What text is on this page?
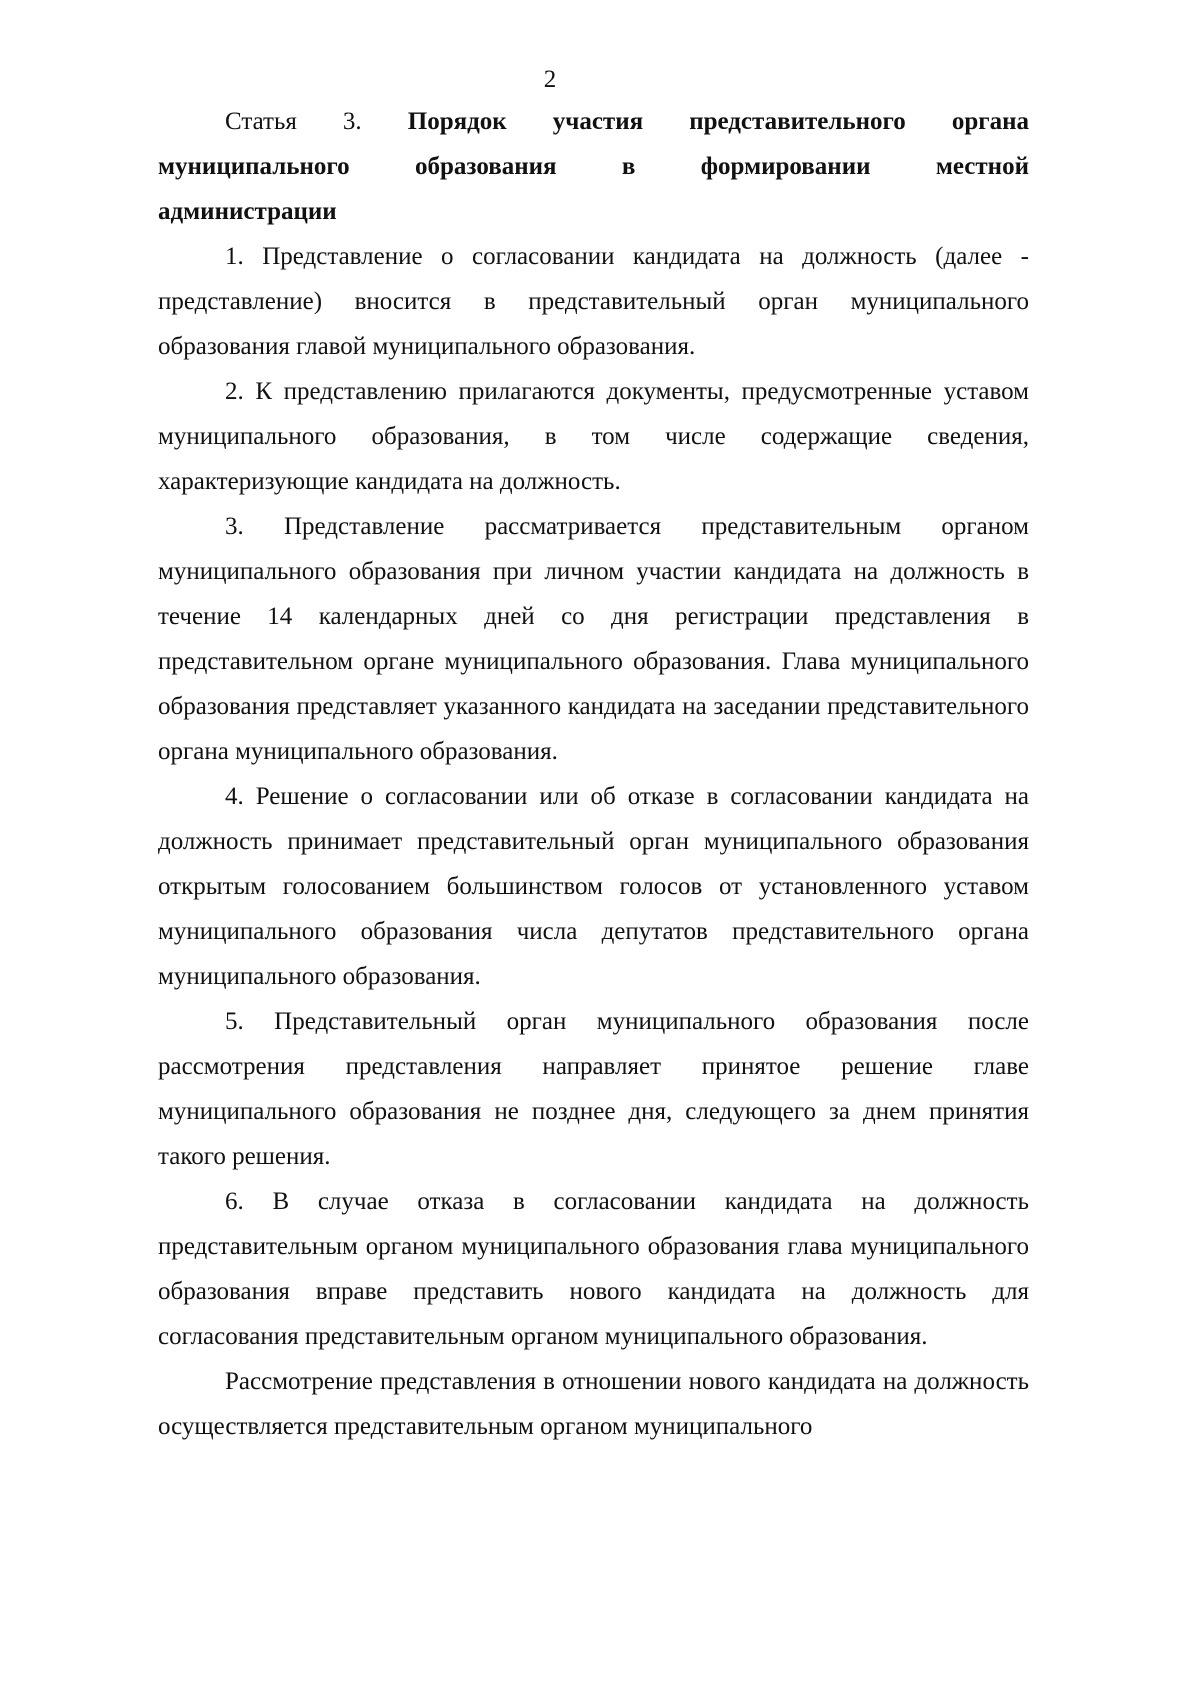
2

Статья 3. Порядок участия представительного органа муниципального образования в формировании местной администрации

1. Представление о согласовании кандидата на должность (далее - представление) вносится в представительный орган муниципального образования главой муниципального образования.

2. К представлению прилагаются документы, предусмотренные уставом муниципального образования, в том числе содержащие сведения, характеризующие кандидата на должность.

3. Представление рассматривается представительным органом муниципального образования при личном участии кандидата на должность в течение 14 календарных дней со дня регистрации представления в представительном органе муниципального образования. Глава муниципального образования представляет указанного кандидата на заседании представительного органа муниципального образования.

4. Решение о согласовании или об отказе в согласовании кандидата на должность принимает представительный орган муниципального образования открытым голосованием большинством голосов от установленного уставом муниципального образования числа депутатов представительного органа муниципального образования.

5. Представительный орган муниципального образования после рассмотрения представления направляет принятое решение главе муниципального образования не позднее дня, следующего за днем принятия такого решения.

6. В случае отказа в согласовании кандидата на должность представительным органом муниципального образования глава муниципального образования вправе представить нового кандидата на должность для согласования представительным органом муниципального образования.

Рассмотрение представления в отношении нового кандидата на должность осуществляется представительным органом муниципального
